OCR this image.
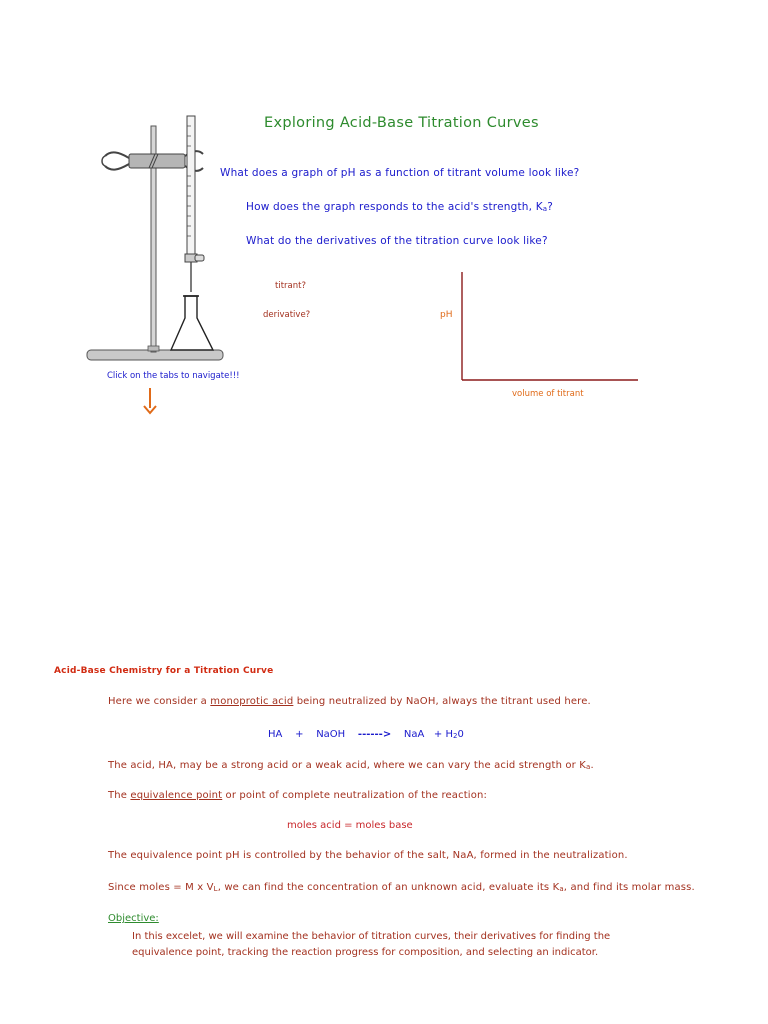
Exploring Acid-Base Titration Curves
What does a graph of pH as a function of titrant volume look like?
How does the graph responds to the acid's strength, $K_a$?
What do the derivatives of the titration curve look like?
titrant?
derivative?	pH
volume of titrant
Click on the tabs to navigate!!!
Acid-Base Chemistry for a Titration Curve
Here we consider a monoprotic acid being neutralized by NaOH, always the titrant used here.
HA + NaOH ------> NaA + $H_20$
The acid, HA, may be a strong acid or a weak acid, where we can vary the acid strength or $K_a$.
The equivalence point or point of complete neutralization of the reaction:
moles acid = moles base
The equivalence point pH is controlled by the behavior of the salt, NaA, formed in the neutralization.
Since moles = M x $V_L$, we can find the concentration of an unknown acid, evaluate its $K_a$, and find its molar mass.
Objective:
In this excelet, we will examine the behavior of titration curves, their derivatives for finding the equivalence point, tracking the reaction progress for composition, and selecting an indicator.
